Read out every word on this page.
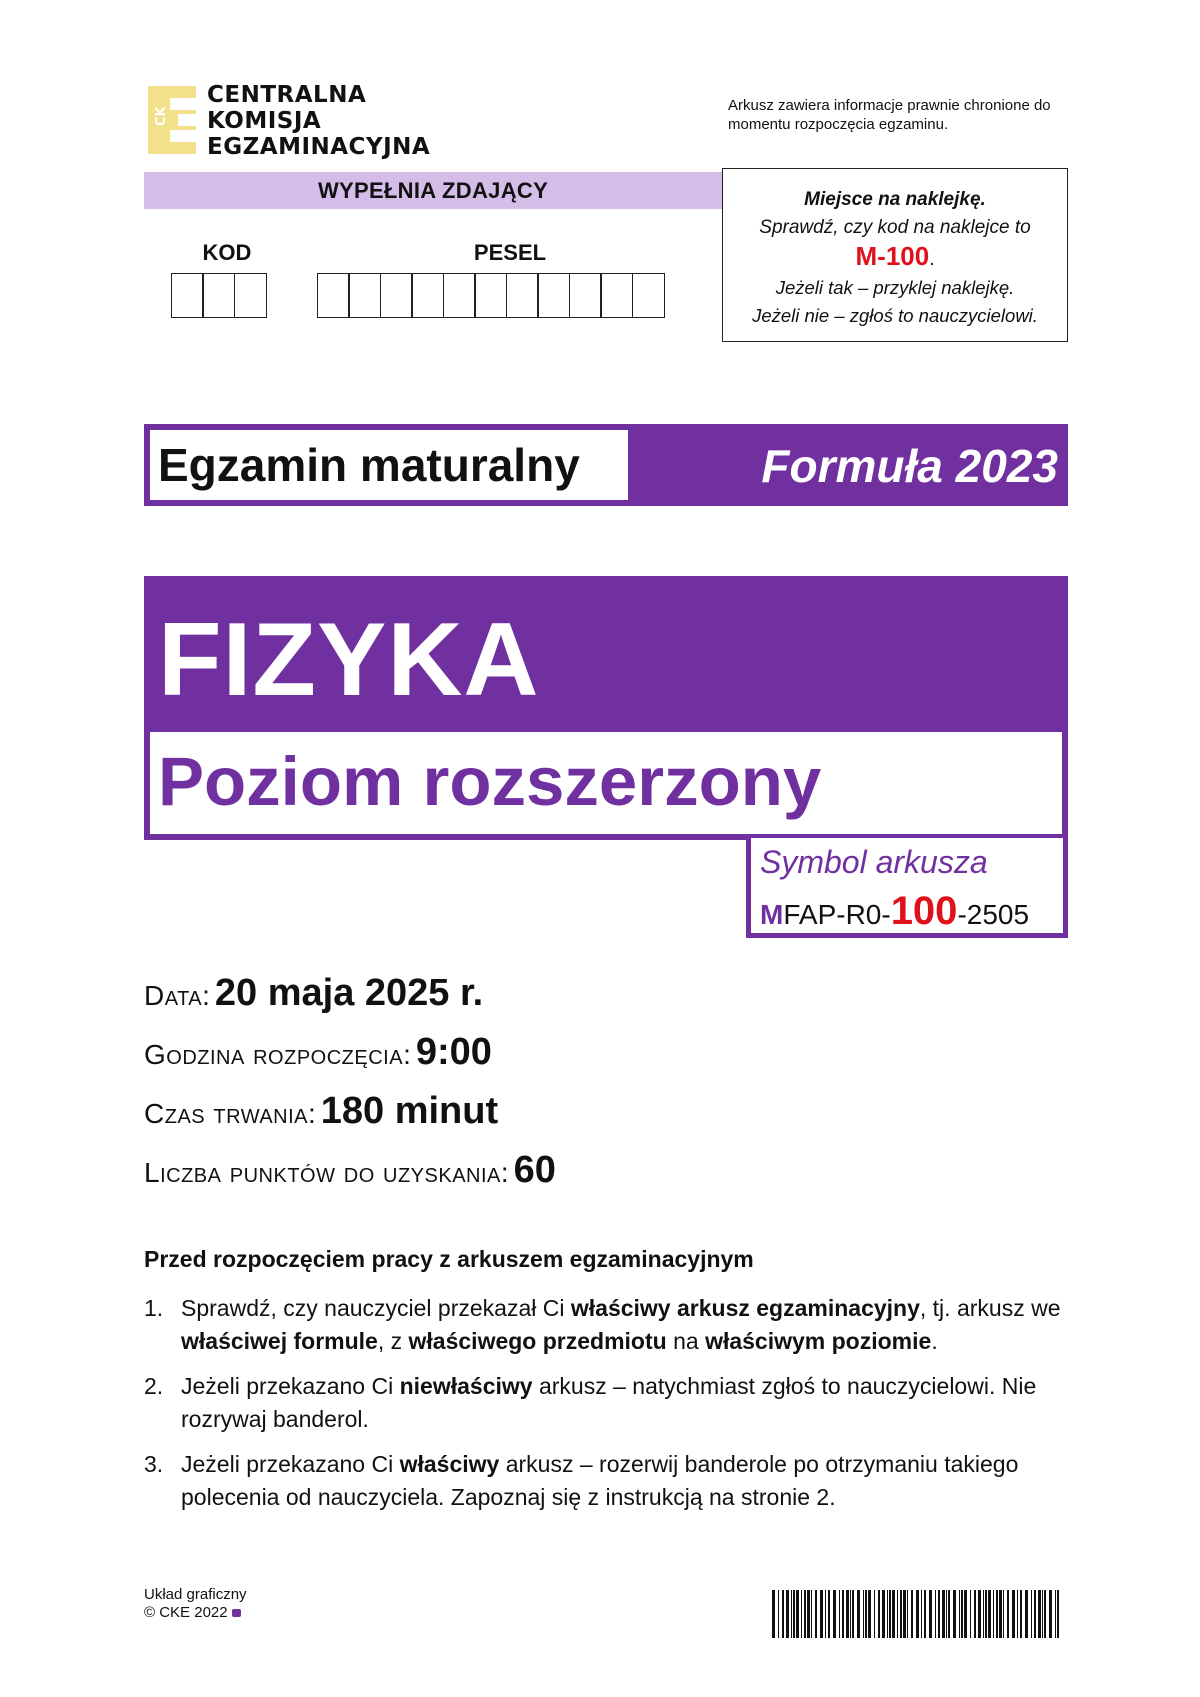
CK
CENTRALNA
KOMISJA
EGZAMINACYJNA
Arkusz zawiera informacje prawnie chronione do momentu rozpoczęcia egzaminu.
WYPEŁNIA ZDAJĄCY
KOD	PESEL
Miejsce na naklejkę.
Sprawdź, czy kod na naklejce to
M-100.
Jeżeli tak – przyklej naklejkę.
Jeżeli nie – zgłoś to nauczycielowi.
Egzamin maturalny	Formuła 2023
FIZYKA
Poziom rozszerzony
Symbol arkusza
MFAP-R0-100-2505
Data: 20 maja 2025 r.
Godzina rozpoczęcia: 9:00
Czas trwania: 180 minut
Liczba punktów do uzyskania: 60
Przed rozpoczęciem pracy z arkuszem egzaminacyjnym
1. Sprawdź, czy nauczyciel przekazał Ci właściwy arkusz egzaminacyjny, tj. arkusz we właściwej formule, z właściwego przedmiotu na właściwym poziomie.
2. Jeżeli przekazano Ci niewłaściwy arkusz – natychmiast zgłoś to nauczycielowi. Nie rozrywaj banderol.
3. Jeżeli przekazano Ci właściwy arkusz – rozerwij banderole po otrzymaniu takiego polecenia od nauczyciela. Zapoznaj się z instrukcją na stronie 2.
Układ graficzny
© CKE 2022
